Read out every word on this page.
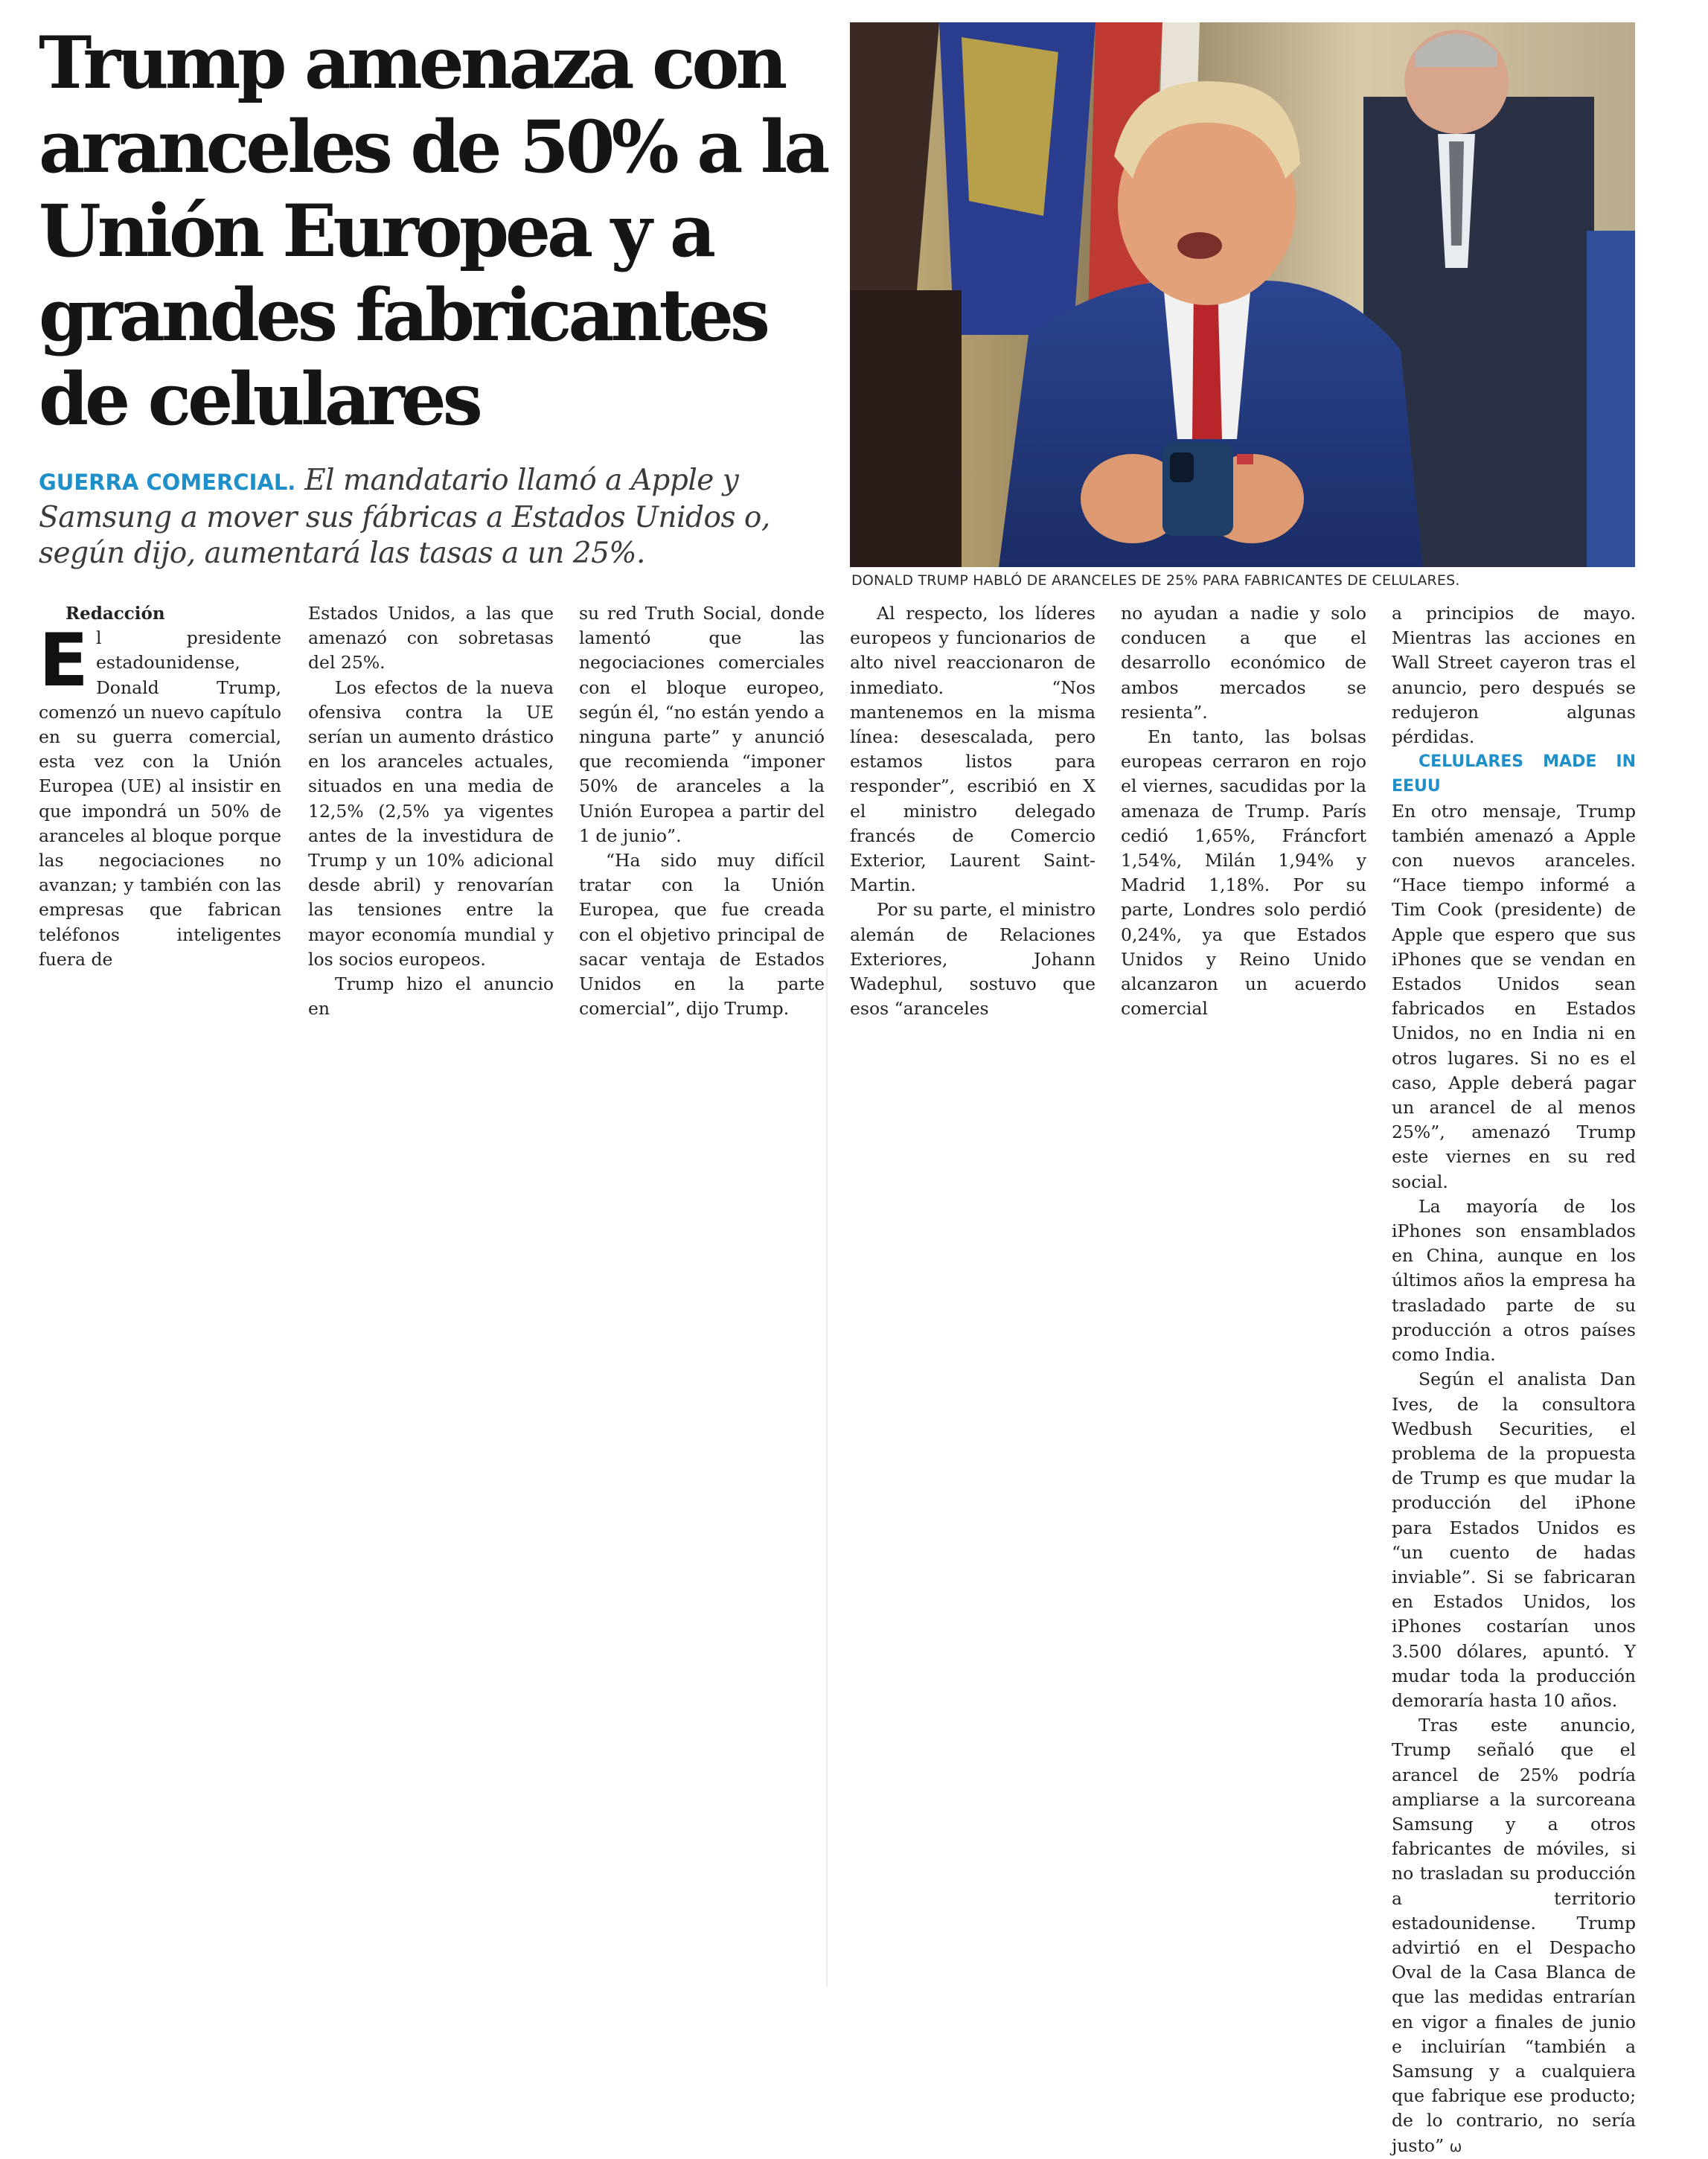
Trump amenaza con aranceles de 50% a la Unión Europea y a grandes fabricantes de celulares

GUERRA COMERCIAL. El mandatario llamó a Apple y Samsung a mover sus fábricas a Estados Unidos o, según dijo, aumentará las tasas a un 25%.

DONALD TRUMP HABLÓ DE ARANCELES DE 25% PARA FABRICANTES DE CELULARES.

Redacción

El presidente estadounidense, Donald Trump, comenzó un nuevo capítulo en su guerra comercial, esta vez con la Unión Europea (UE) al insistir en que impondrá un 50% de aranceles al bloque porque las negociaciones no avanzan; y también con las empresas que fabrican teléfonos inteligentes fuera de

Estados Unidos, a las que amenazó con sobretasas del 25%.

Los efectos de la nueva ofensiva contra la UE serían un aumento drástico en los aranceles actuales, situados en una media de 12,5% (2,5% ya vigentes antes de la investidura de Trump y un 10% adicional desde abril) y renovarían las tensiones entre la mayor economía mundial y los socios europeos.

Trump hizo el anuncio en

su red Truth Social, donde lamentó que las negociaciones comerciales con el bloque europeo, según él, “no están yendo a ninguna parte” y anunció que recomienda “imponer 50% de aranceles a la Unión Europea a partir del 1 de junio”.

“Ha sido muy difícil tratar con la Unión Europea, que fue creada con el objetivo principal de sacar ventaja de Estados Unidos en la parte comercial”, dijo Trump.

Al respecto, los líderes europeos y funcionarios de alto nivel reaccionaron de inmediato. “Nos mantenemos en la misma línea: desescalada, pero estamos listos para responder”, escribió en X el ministro delegado francés de Comercio Exterior, Laurent Saint-Martin.

Por su parte, el ministro alemán de Relaciones Exteriores, Johann Wadephul, sostuvo que esos “aranceles

no ayudan a nadie y solo conducen a que el desarrollo económico de ambos mercados se resienta”.

En tanto, las bolsas europeas cerraron en rojo el viernes, sacudidas por la amenaza de Trump. París cedió 1,65%, Fráncfort 1,54%, Milán 1,94% y Madrid 1,18%. Por su parte, Londres solo perdió 0,24%, ya que Estados Unidos y Reino Unido alcanzaron un acuerdo comercial

a principios de mayo. Mientras las acciones en Wall Street cayeron tras el anuncio, pero después se redujeron algunas pérdidas.

CELULARES MADE IN EEUU

En otro mensaje, Trump también amenazó a Apple con nuevos aranceles. “Hace tiempo informé a Tim Cook (presidente) de Apple que espero que sus iPhones que se vendan en Estados Unidos sean fabricados en Estados Unidos, no en India ni en otros lugares. Si no es el caso, Apple deberá pagar un arancel de al menos 25%”, amenazó Trump este viernes en su red social.

La mayoría de los iPhones son ensamblados en China, aunque en los últimos años la empresa ha trasladado parte de su producción a otros países como India.

Según el analista Dan Ives, de la consultora Wedbush Securities, el problema de la propuesta de Trump es que mudar la producción del iPhone para Estados Unidos es “un cuento de hadas inviable”. Si se fabricaran en Estados Unidos, los iPhones costarían unos 3.500 dólares, apuntó. Y mudar toda la producción demoraría hasta 10 años.

Tras este anuncio, Trump señaló que el arancel de 25% podría ampliarse a la surcoreana Samsung y a otros fabricantes de móviles, si no trasladan su producción a territorio estadounidense. Trump advirtió en el Despacho Oval de la Casa Blanca de que las medidas entrarían en vigor a finales de junio e incluirían “también a Samsung y a cualquiera que fabrique ese producto; de lo contrario, no sería justo” ω
